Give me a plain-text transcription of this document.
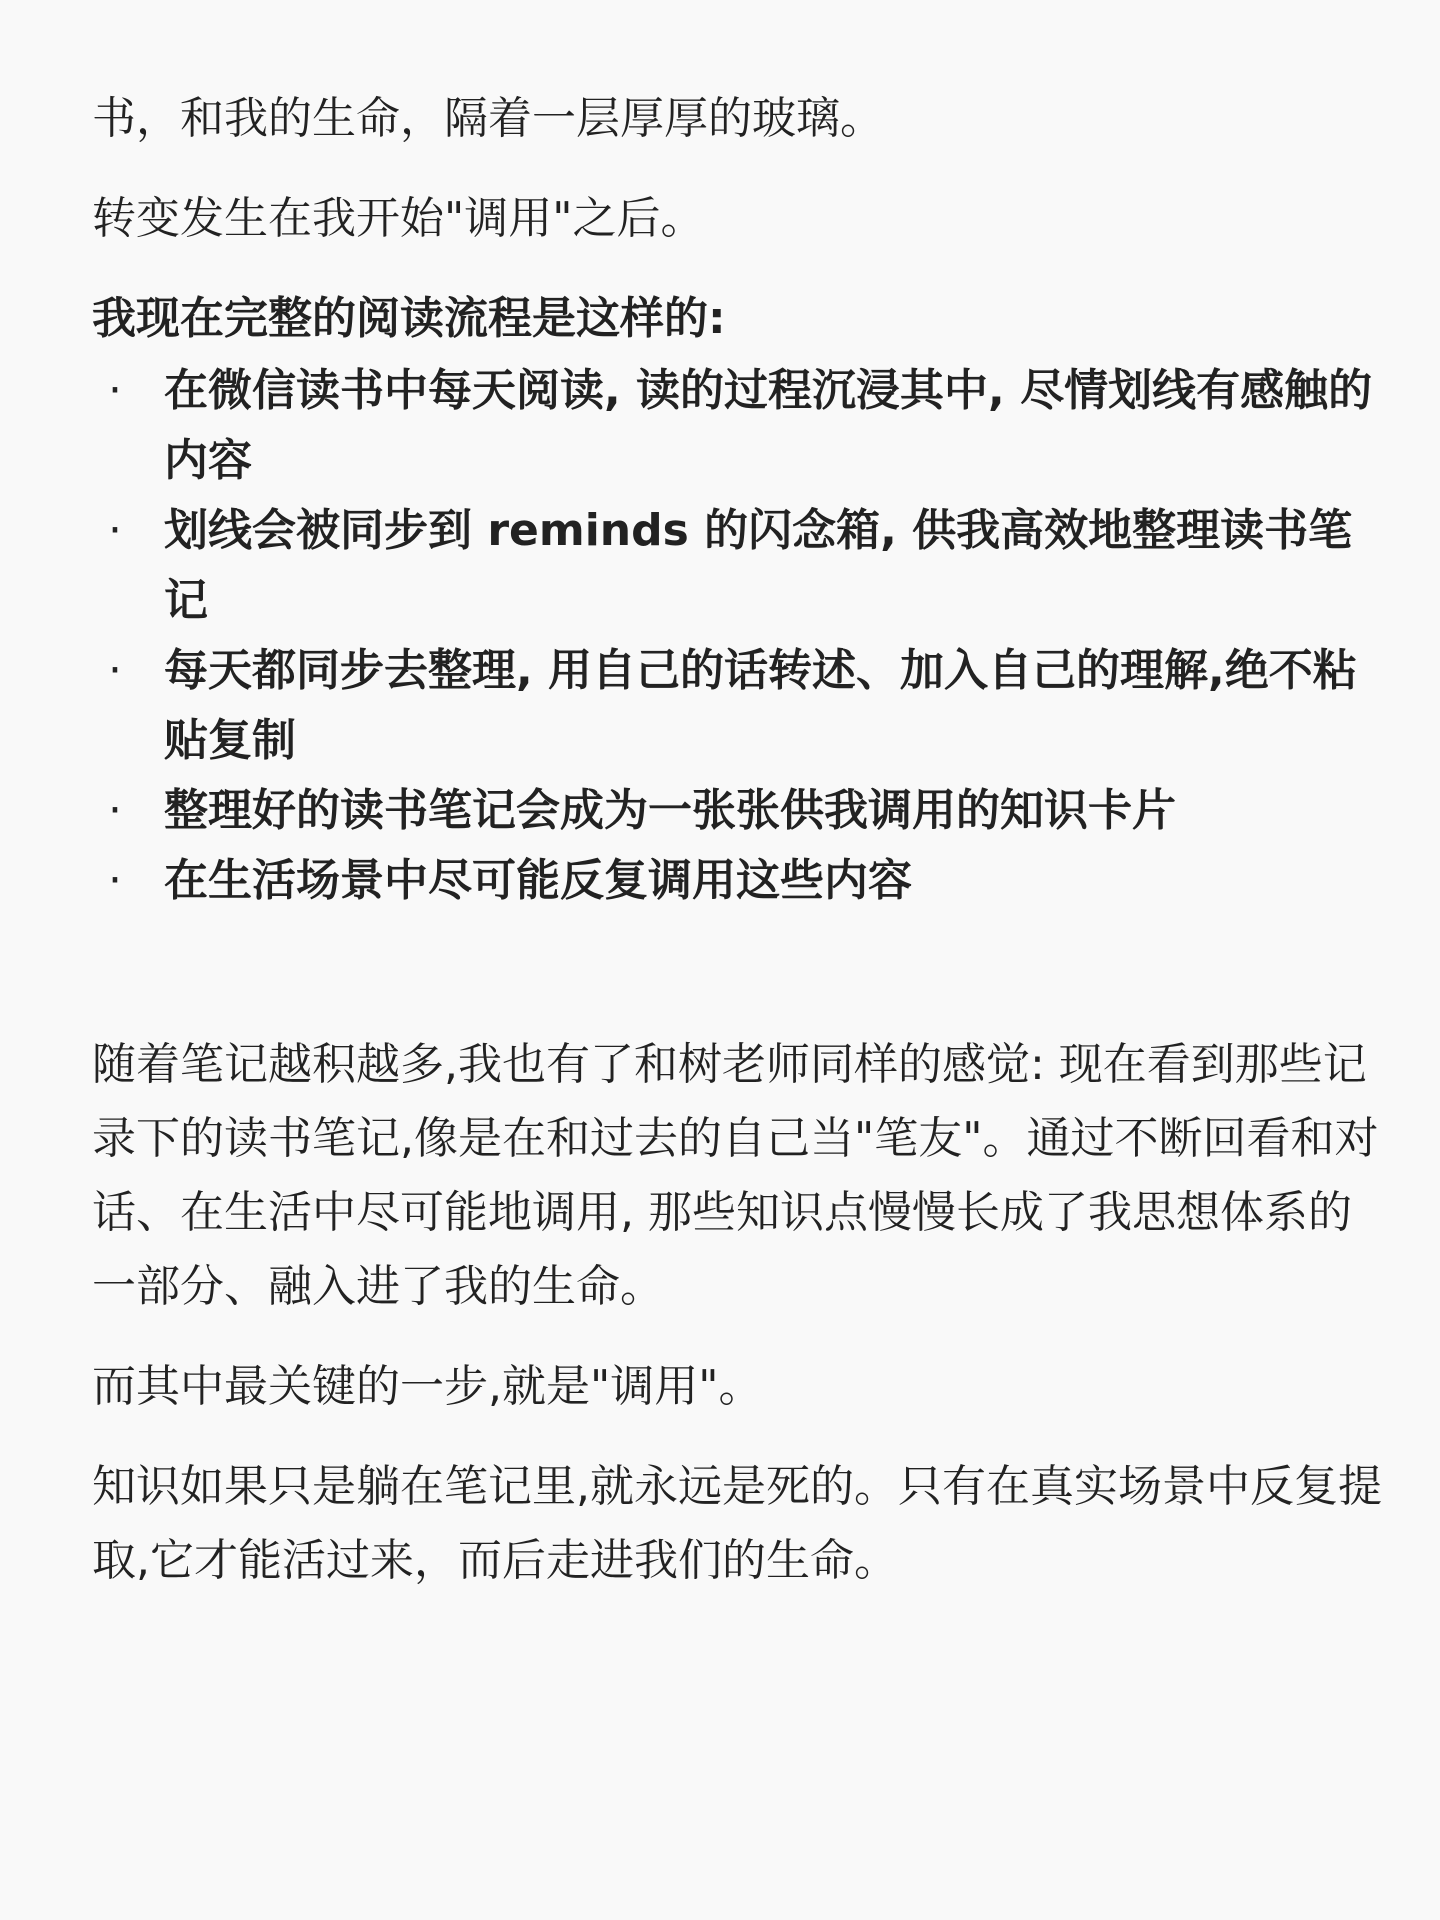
书，和我的生命，隔着一层厚厚的玻璃。

转变发生在我开始"调用"之后。

我现在完整的阅读流程是这样的:

· 在微信读书中每天阅读, 读的过程沉浸其中, 尽情划线有感触的内容
· 划线会被同步到 reminds 的闪念箱, 供我高效地整理读书笔记
· 每天都同步去整理, 用自己的话转述、加入自己的理解,绝不粘贴复制
· 整理好的读书笔记会成为一张张供我调用的知识卡片
· 在生活场景中尽可能反复调用这些内容

随着笔记越积越多,我也有了和树老师同样的感觉: 现在看到那些记录下的读书笔记,像是在和过去的自己当"笔友"。通过不断回看和对话、在生活中尽可能地调用, 那些知识点慢慢长成了我思想体系的一部分、融入进了我的生命。

而其中最关键的一步,就是"调用"。

知识如果只是躺在笔记里,就永远是死的。只有在真实场景中反复提取,它才能活过来，而后走进我们的生命。
